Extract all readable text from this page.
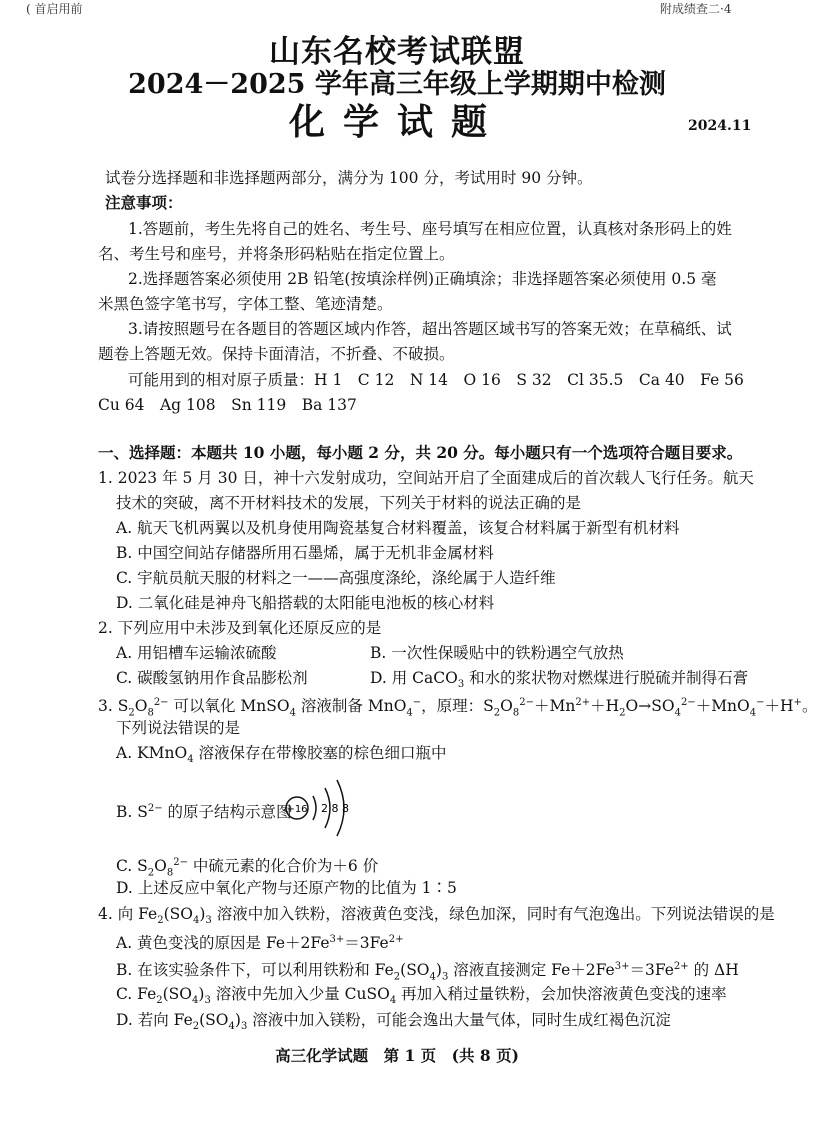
( 首启用前	附成绩查二·4
山东名校考试联盟
2024－2025 学年高三年级上学期期中检测
化学试题	2024.11
试卷分选择题和非选择题两部分，满分为 100 分，考试用时 90 分钟。
注意事项：
1.答题前，考生先将自己的姓名、考生号、座号填写在相应位置，认真核对条形码上的姓
名、考生号和座号，并将条形码粘贴在指定位置上。
2.选择题答案必须使用 2B 铅笔(按填涂样例)正确填涂；非选择题答案必须使用 0.5 毫
米黑色签字笔书写，字体工整、笔迹清楚。
3.请按照题号在各题目的答题区域内作答，超出答题区域书写的答案无效；在草稿纸、试
题卷上答题无效。保持卡面清洁，不折叠、不破损。
可能用到的相对原子质量：H 1　C 12　N 14　O 16　S 32　Cl 35.5　Ca 40　Fe 56
Cu 64　Ag 108　Sn 119　Ba 137
一、选择题：本题共 10 小题，每小题 2 分，共 20 分。每小题只有一个选项符合题目要求。
1. 2023 年 5 月 30 日，神十六发射成功，空间站开启了全面建成后的首次载人飞行任务。航天
技术的突破，离不开材料技术的发展，下列关于材料的说法正确的是
A. 航天飞机两翼以及机身使用陶瓷基复合材料覆盖，该复合材料属于新型有机材料
B. 中国空间站存储器所用石墨烯，属于无机非金属材料
C. 宇航员航天服的材料之一——高强度涤纶，涤纶属于人造纤维
D. 二氧化硅是神舟飞船搭载的太阳能电池板的核心材料
2. 下列应用中未涉及到氧化还原反应的是
A. 用铝槽车运输浓硫酸	B. 一次性保暖贴中的铁粉遇空气放热
C. 碳酸氢钠用作食品膨松剂	D. 用 CaCO$_3$ 和水的浆状物对燃煤进行脱硫并制得石膏
3. $S_2O_8^{2-}$ 可以氧化 MnSO$_4$ 溶液制备 MnO$_4$−，原理：$S_2O_8^{2-}+Mn^{2+}+H_2O\to SO_4^{2-}+MnO_4^-+H^+$。
下列说法错误的是
A. KMnO$_4$ 溶液保存在带橡胶塞的棕色细口瓶中
B. $S^{2-}$ 的原子结构示意图
+16 2 8 8
C. $S_2O_8^{2-}$ 中硫元素的化合价为＋6 价
D. 上述反应中氧化产物与还原产物的比值为 1∶5
4. 向 $Fe_2(SO_4)_3$ 溶液中加入铁粉，溶液黄色变浅，绿色加深，同时有气泡逸出。下列说法错误的是
A. 黄色变浅的原因是 $Fe+2Fe^{3+}=3Fe^{2+}$
B. 在该实验条件下，可以利用铁粉和 $Fe_2(SO_4)_3$ 溶液直接测定 $Fe+2Fe^{3+}=3Fe^{2+}$ 的 ΔH
C. $Fe_2(SO_4)_3$ 溶液中先加入少量 CuSO$_4$ 再加入稍过量铁粉，会加快溶液黄色变浅的速率
D. 若向 $Fe_2(SO_4)_3$ 溶液中加入镁粉，可能会逸出大量气体，同时生成红褐色沉淀
高三化学试题　第 1 页　(共 8 页)
